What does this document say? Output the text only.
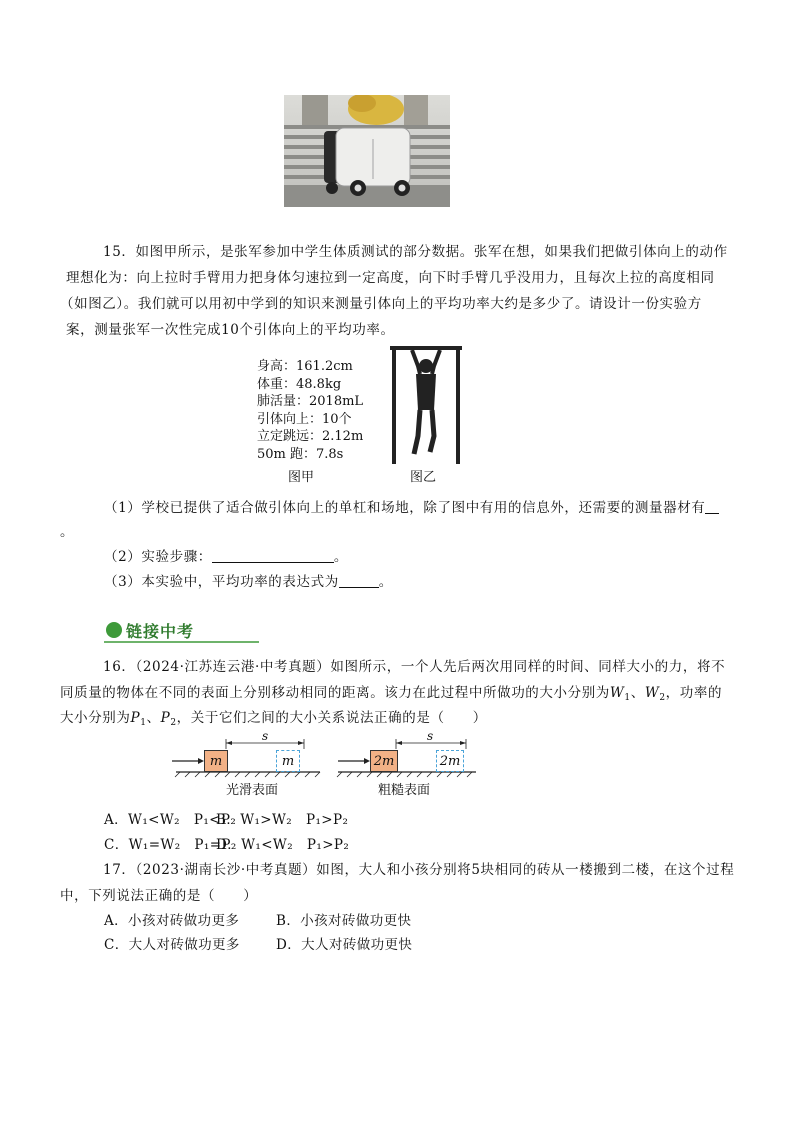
15．如图甲所示，是张军参加中学生体质测试的部分数据。张军在想，如果我们把做引体向上的动作
理想化为：向上拉时手臂用力把身体匀速拉到一定高度，向下时手臂几乎没用力，且每次上拉的高度相同
（如图乙）。我们就可以用初中学到的知识来测量引体向上的平均功率大约是多少了。请设计一份实验方
案，测量张军一次性完成10个引体向上的平均功率。
身高：161.2cm
体重：48.8kg
肺活量：2018mL
引体向上：10个
立定跳远：2.12m
50m 跑：7.8s
图甲	图乙
（1）学校已提供了适合做引体向上的单杠和场地，除了图中有用的信息外，还需要的测量器材有
。
（2）实验步骤：	。
（3）本实验中，平均功率的表达式为	。
链接中考
16．（2024·江苏连云港·中考真题）如图所示，一个人先后两次用同样的时间、同样大小的力，将不
同质量的物体在不同的表面上分别移动相同的距离。该力在此过程中所做功的大小分别为$W_1$、$W_2$，功率的
大小分别为$P_1$、$P_2$，关于它们之间的大小关系说法正确的是（　　）
m	m
s
2m	2m
s
光滑表面	粗糙表面
A．W₁<W₂　P₁<P₂
B．W₁>W₂　P₁>P₂
C．W₁=W₂　P₁=P₂
D．W₁<W₂　P₁>P₂
17．（2023·湖南长沙·中考真题）如图，大人和小孩分别将5块相同的砖从一楼搬到二楼，在这个过程
中，下列说法正确的是（　　）
A．小孩对砖做功更多	B．小孩对砖做功更快
C．大人对砖做功更多	D．大人对砖做功更快
